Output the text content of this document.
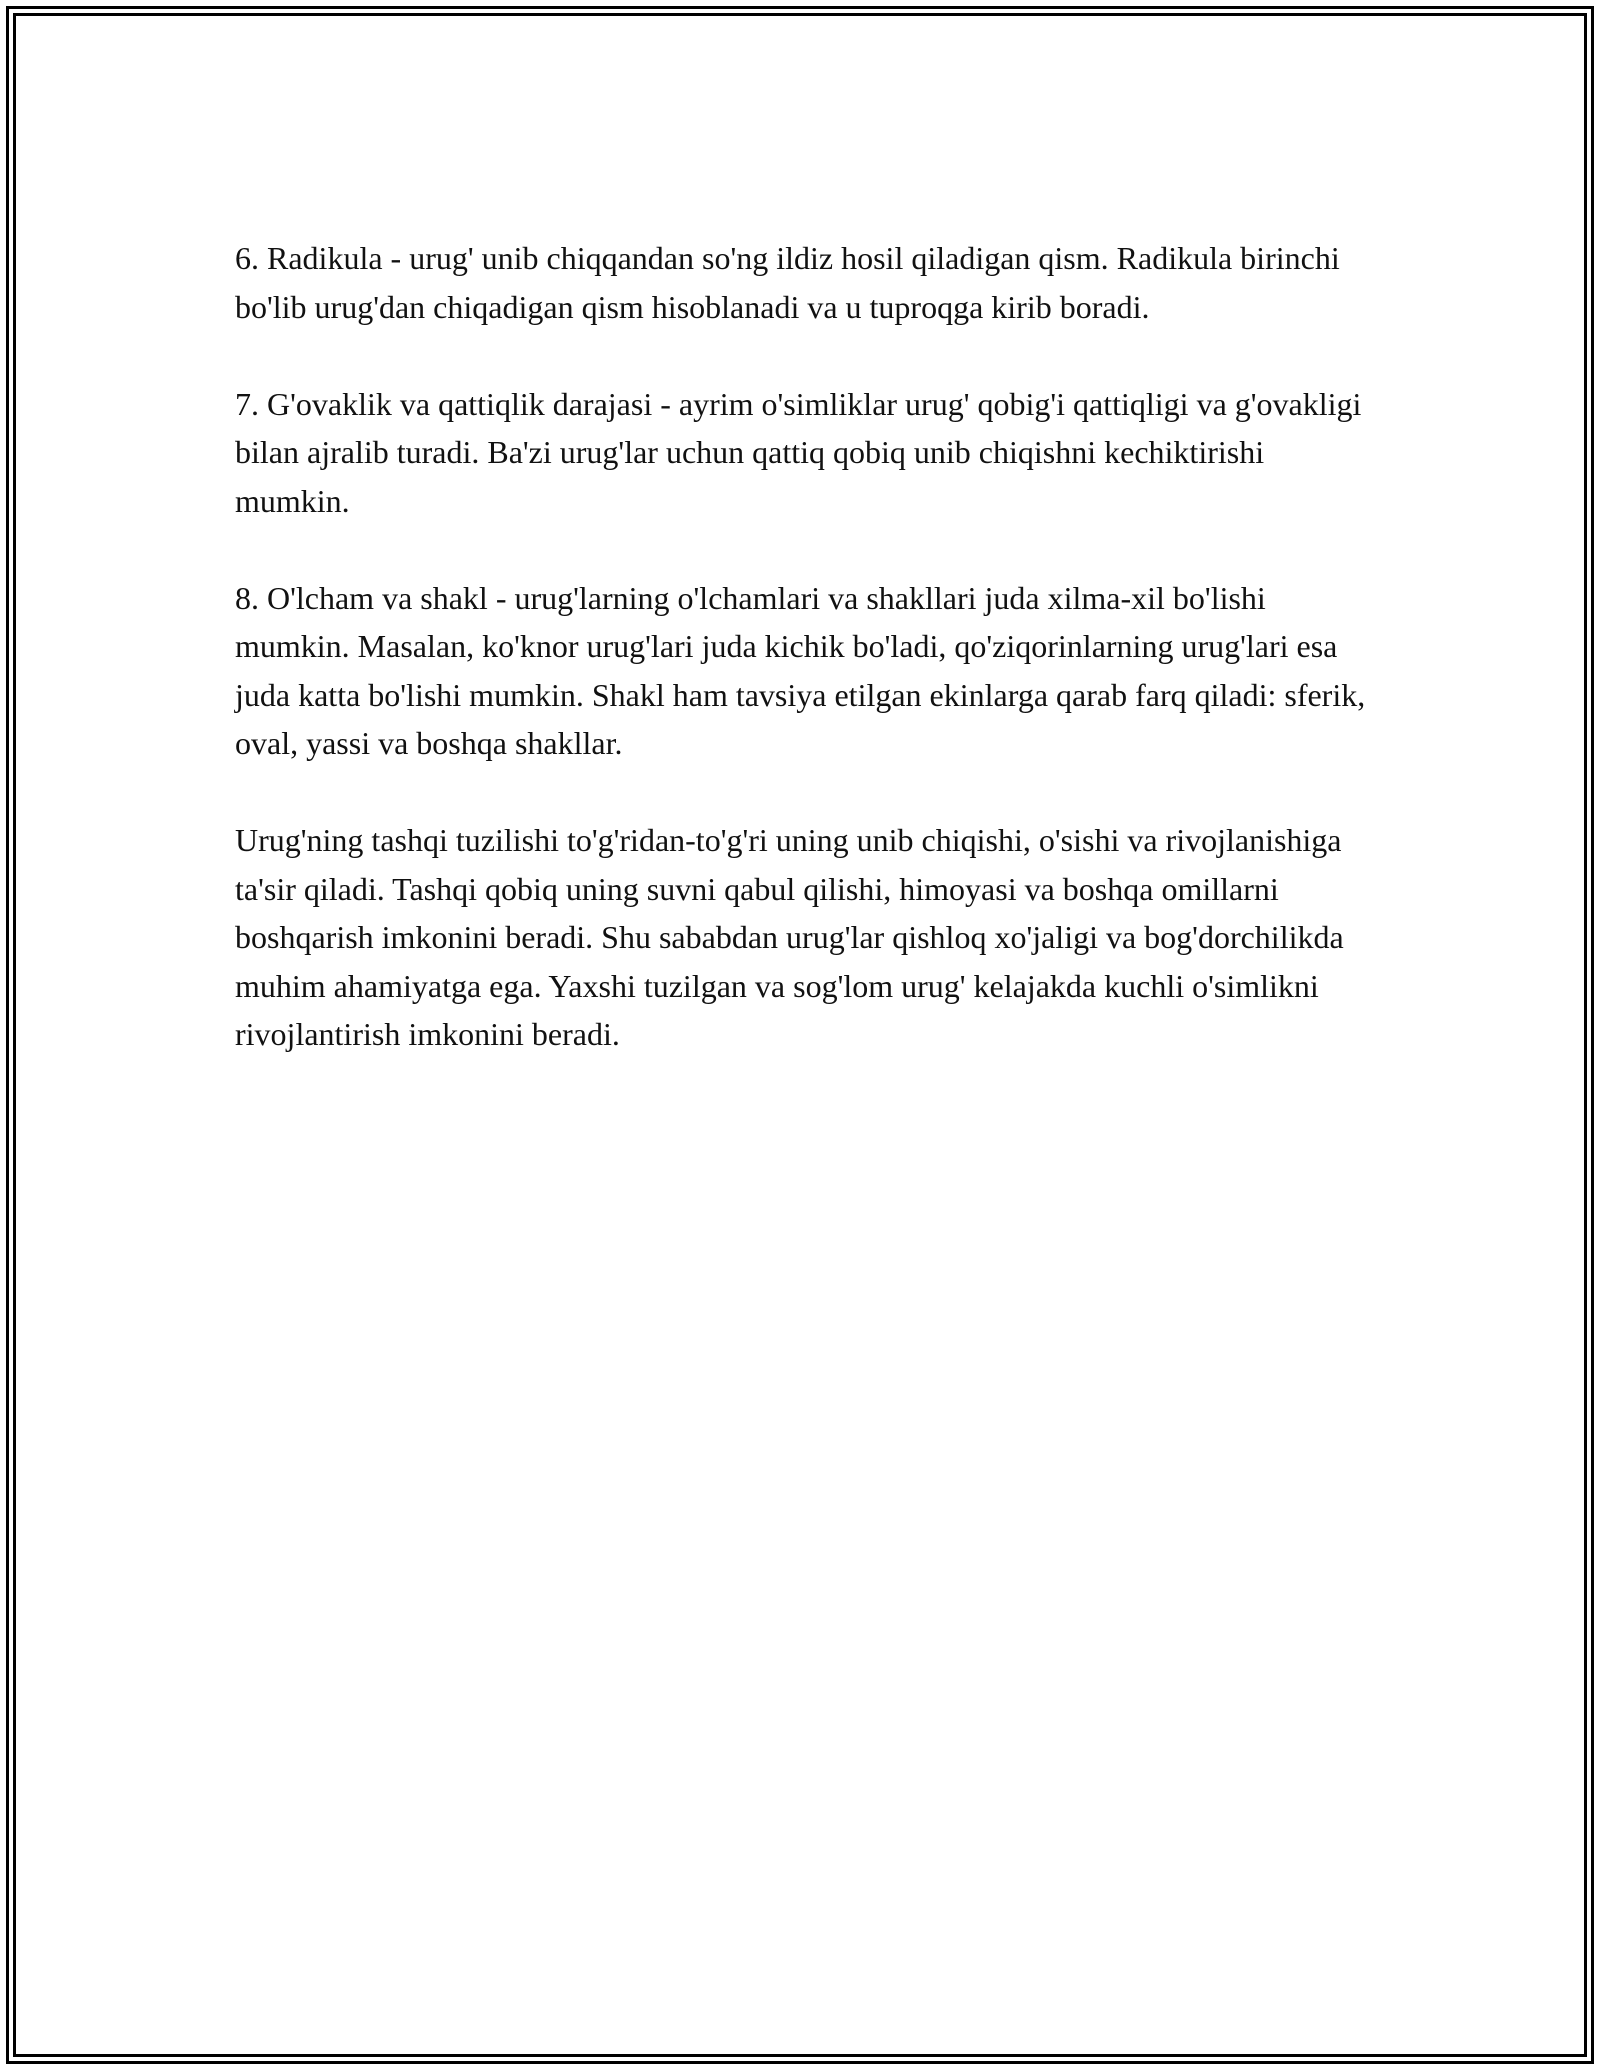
6. Radikula - urug' unib chiqqandan so'ng ildiz hosil qiladigan qism. Radikula birinchi bo'lib urug'dan chiqadigan qism hisoblanadi va u tuproqga kirib boradi.

7. G'ovaklik va qattiqlik darajasi - ayrim o'simliklar urug' qobig'i qattiqligi va g'ovakligi bilan ajralib turadi. Ba'zi urug'lar uchun qattiq qobiq unib chiqishni kechiktirishi mumkin.

8. O'lcham va shakl - urug'larning o'lchamlari va shakllari juda xilma-xil bo'lishi mumkin. Masalan, ko'knor urug'lari juda kichik bo'ladi, qo'ziqorinlarning urug'lari esa juda katta bo'lishi mumkin. Shakl ham tavsiya etilgan ekinlarga qarab farq qiladi: sferik, oval, yassi va boshqa shakllar.

Urug'ning tashqi tuzilishi to'g'ridan-to'g'ri uning unib chiqishi, o'sishi va rivojlanishiga ta'sir qiladi. Tashqi qobiq uning suvni qabul qilishi, himoyasi va boshqa omillarni boshqarish imkonini beradi. Shu sababdan urug'lar qishloq xo'jaligi va bog'dorchilikda muhim ahamiyatga ega. Yaxshi tuzilgan va sog'lom urug' kelajakda kuchli o'simlikni rivojlantirish imkonini beradi.
